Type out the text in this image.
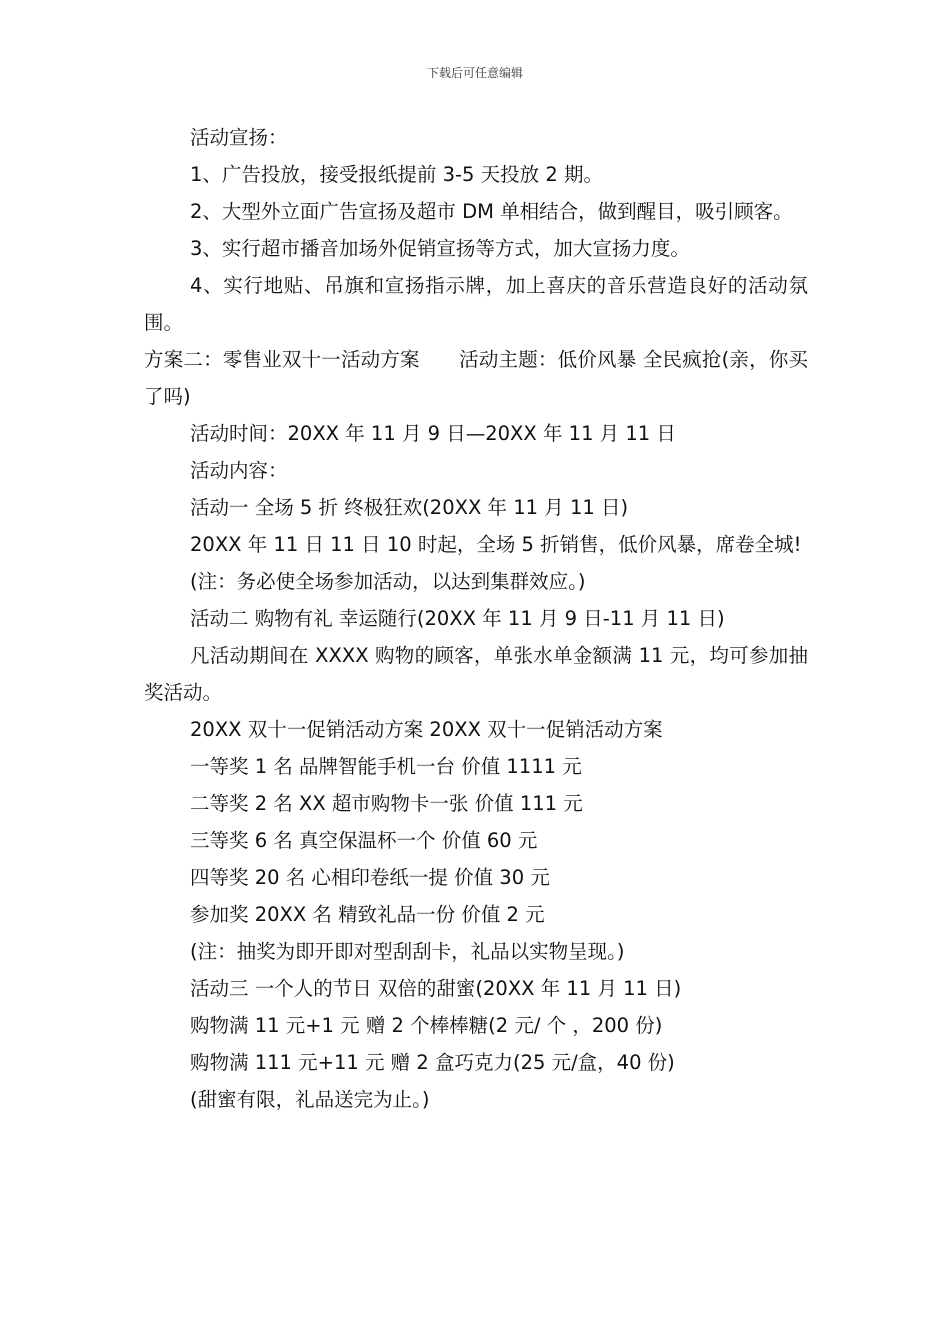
下载后可任意编辑

活动宣扬：

1、广告投放，接受报纸提前 3-5 天投放 2 期。

2、大型外立面广告宣扬及超市 DM 单相结合，做到醒目，吸引顾客。

3、实行超市播音加场外促销宣扬等方式，加大宣扬力度。

4、实行地贴、吊旗和宣扬指示牌，加上喜庆的音乐营造良好的活动氛围。

方案二：零售业双十一活动方案　　活动主题：低价风暴 全民疯抢(亲，你买了吗)

活动时间：20XX 年 11 月 9 日—20XX 年 11 月 11 日

活动内容：

活动一 全场 5 折 终极狂欢(20XX 年 11 月 11 日)

20XX 年 11 日 11 日 10 时起，全场 5 折销售，低价风暴，席卷全城!

(注：务必使全场参加活动，以达到集群效应。)

活动二 购物有礼 幸运随行(20XX 年 11 月 9 日-11 月 11 日)

凡活动期间在 XXXX 购物的顾客，单张水单金额满 11 元，均可参加抽奖活动。

20XX 双十一促销活动方案 20XX 双十一促销活动方案

一等奖 1 名 品牌智能手机一台 价值 1111 元

二等奖 2 名 XX 超市购物卡一张 价值 111 元

三等奖 6 名 真空保温杯一个 价值 60 元

四等奖 20 名 心相印卷纸一提 价值 30 元

参加奖 20XX 名 精致礼品一份 价值 2 元

(注：抽奖为即开即对型刮刮卡，礼品以实物呈现。)

活动三 一个人的节日 双倍的甜蜜(20XX 年 11 月 11 日)

购物满 11 元+1 元 赠 2 个棒棒糖(2 元/ 个 ，200 份)

购物满 111 元+11 元 赠 2 盒巧克力(25 元/盒，40 份)

(甜蜜有限，礼品送完为止。)
